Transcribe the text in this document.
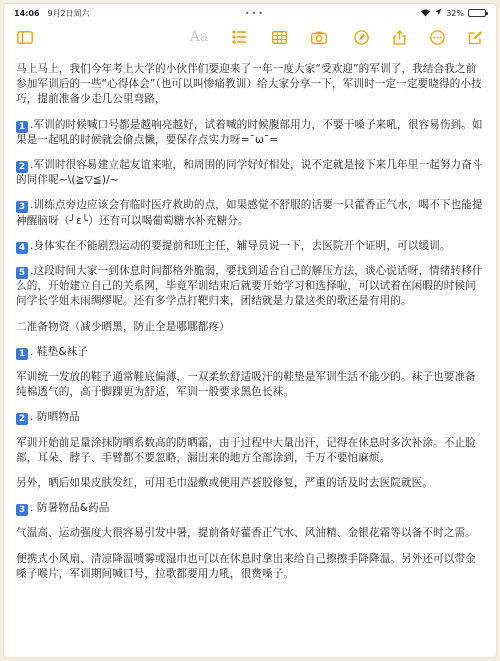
14:06 9月2日周六	•••	32%
Aa

马上马上，我们今年考上大学的小伙伴们要迎来了一年一度大家“受欢迎”的军训了，我结合我之前参加军训后的一些“心得体会”（也可以叫惨痛教训）给大家分享一下，军训时一定一定要晓得的小技巧，提前准备少走几公里弯路，

1 .军训的时候喊口号都是越响亮越好，试着喊的时候腹部用力，不要干嗓子来吼，很容易伤到。如果是一起吼的时候就会偷点懒，要保存点实力呀=¯ω¯=

2 .军训时很容易建立起友谊来啦，和周围的同学好好相处，说不定就是接下来几年里一起努力奋斗的同伴呢~\(≧▽≦)/~

3 .训练点旁边应该会有临时医疗救助的点，如果感觉不舒服的话要一只藿香正气水，喝不下也能提神醒脑呀（╯ε╰）还有可以喝葡萄糖水补充糖分。

4 .身体实在不能剧烈运动的要提前和班主任，辅导员说一下，去医院开个证明，可以缓训。

5 .这段时间大家一到休息时间都格外脆弱，要找到适合自己的解压方法，谈心说话呀，情绪转移什么的，开始建立自己的关系网，毕竟军训结束后就要开始学习和选择啦，可以试着在闲暇的时候问问学长学姐未雨绸缪呢。还有多学点打靶归来，团结就是力量这类的歌还是有用的。

二准备物资（减少晒黑，防止全是哪哪都疼）

1 . 鞋垫&袜子

军训统一发放的鞋子通常鞋底偏薄，一双柔软舒适吸汗的鞋垫是军训生活不能少的。袜子也要准备纯棉透气的，高于脚踝更为舒适，军训一般要求黑色长袜。

2 . 防晒物品

军训开始前足量涂抹防晒系数高的防晒霜，由于过程中大量出汗，记得在休息时多次补涂。不止脸部，耳朵、脖子、手臂都不要忽略，漏出来的地方全部涂到，千万不要怕麻烦。

另外，晒后如果皮肤发红，可用毛巾湿敷或使用芦荟胶修复，严重的话及时去医院就医。

3 . 防暑物品&药品

气温高、运动强度大很容易引发中暑，提前备好藿香正气水、风油精、金银花霜等以备不时之需。

便携式小风扇、清凉降温喷雾或湿巾也可以在休息时拿出来给自己擦擦手降降温。另外还可以带金嗓子喉片，军训期间喊口号，拉歌都要用力吼，很费嗓子。
